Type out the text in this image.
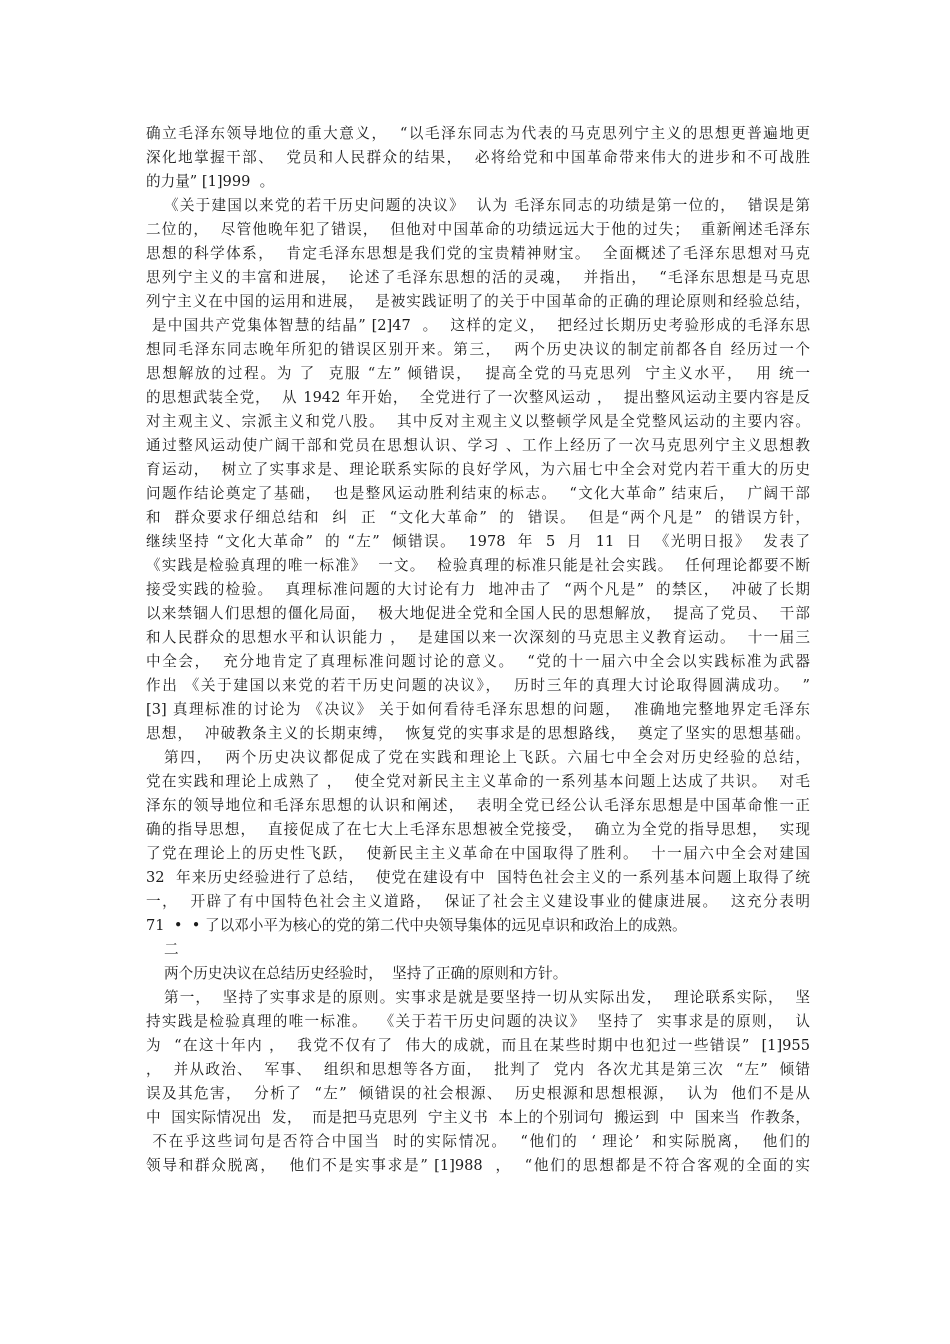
确立毛泽东领导地位的重大意义，  “以毛泽东同志为代表的马克思列宁主义的思想更普遍地更
深化地掌握干部、  党员和人民群众的结果，  必将给党和中国革命带来伟大的进步和不可战胜
的力量” [1]999  。
《关于建国以来党的若干历史问题的决议》  认为 毛泽东同志的功绩是第一位的，  错误是第
二位的，  尽管他晚年犯了错误，  但他对中国革命的功绩远远大于他的过失；  重新阐述毛泽东
思想的科学体系，  肯定毛泽东思想是我们党的宝贵精神财宝。  全面概述了毛泽东思想对马克
思列宁主义的丰富和进展，  论述了毛泽东思想的活的灵魂，  并指出，  “毛泽东思想是马克思
列宁主义在中国的运用和进展，  是被实践证明了的关于中国革命的正确的理论原则和经验总结，
是中国共产党集体智慧的结晶” [2]47  。  这样的定义，  把经过长期历史考验形成的毛泽东思
想同毛泽东同志晚年所犯的错误区别开来。第三，  两个历史决议的制定前都各自 经历过一个
思想解放的过程。为 了  克服 “左” 倾错误，  提高全党的马克思列  宁主义水平，  用 统一
的思想武装全党，  从 1942 年开始，  全党进行了一次整风运动 ，  提出整风运动主要内容是反
对主观主义、宗派主义和党八股。  其中反对主观主义以整顿学风是全党整风运动的主要内容。
通过整风运动使广阔干部和党员在思想认识、学习 、工作上经历了一次马克思列宁主义思想教
育运动，  树立了实事求是、理论联系实际的良好学风，为六届七中全会对党内若干重大的历史
问题作结论奠定了基础，  也是整风运动胜利结束的标志。  “文化大革命” 结束后，  广阔干部
和  群众要求仔细总结和  纠  正  “文化大革命”  的  错误。  但是“两个凡是”  的错误方针，
继续坚持 “文化大革命”  的 “左”  倾错误。  1978  年  5  月  11  日  《光明日报》  发表了
《实践是检验真理的唯一标准》  一文。  检验真理的标准只能是社会实践。  任何理论都要不断
接受实践的检验。  真理标准问题的大讨论有力  地冲击了  “两个凡是”  的禁区，  冲破了长期
以来禁锢人们思想的僵化局面，  极大地促进全党和全国人民的思想解放，  提高了党员、  干部
和人民群众的思想水平和认识能力 ，  是建国以来一次深刻的马克思主义教育运动。  十一届三
中全会，  充分地肯定了真理标准问题讨论的意义。  “党的十一届六中全会以实践标准为武器
作出 《关于建国以来党的若干历史问题的决议》，  历时三年的真理大讨论取得圆满成功。  ”
[3] 真理标准的讨论为 《决议》 关于如何看待毛泽东思想的问题，  准确地完整地界定毛泽东
思想，  冲破教条主义的长期束缚，  恢复党的实事求是的思想路线，  奠定了坚实的思想基础。
第四，  两个历史决议都促成了党在实践和理论上飞跃。六届七中全会对历史经验的总结，
党在实践和理论上成熟了 ，  使全党对新民主主义革命的一系列基本问题上达成了共识。  对毛
泽东的领导地位和毛泽东思想的认识和阐述，  表明全党已经公认毛泽东思想是中国革命惟一正
确的指导思想，  直接促成了在七大上毛泽东思想被全党接受，  确立为全党的指导思想，  实现
了党在理论上的历史性飞跃，  使新民主主义革命在中国取得了胜利。  十一届六中全会对建国
32  年来历史经验进行了总结，  使党在建设有中  国特色社会主义的一系列基本问题上取得了统
一，  开辟了有中国特色社会主义道路，  保证了社会主义建设事业的健康进展。  这充分表明
71  •  • 了以邓小平为核心的党的第二代中央领导集体的远见卓识和政治上的成熟。
二
两个历史决议在总结历史经验时，  坚持了正确的原则和方针。
第一，  坚持了实事求是的原则。实事求是就是要坚持一切从实际出发，  理论联系实际，  坚
持实践是检验真理的唯一标准。  《关于若干历史问题的决议》  坚持了  实事求是的原则，  认
为  “在这十年内 ，  我党不仅有了  伟大的成就，而且在某些时期中也犯过一些错误”  [1]955
，  并从政治、  军事、  组织和思想等各方面，  批判了  党内  各次尤其是第三次  “左”  倾错
误及其危害，  分析了  “左”  倾错误的社会根源、  历史根源和思想根源，  认为  他们不是从
中  国实际情况出  发，  而是把马克思列  宁主义书  本上的个别词句  搬运到  中  国来当  作教条，
不在乎这些词句是否符合中国当  时的实际情况。  “他们的  ‘ 理论’  和实际脱离，  他们的
领导和群众脱离，  他们不是实事求是” [1]988  ，  “他们的思想都是不符合客观的全面的实
